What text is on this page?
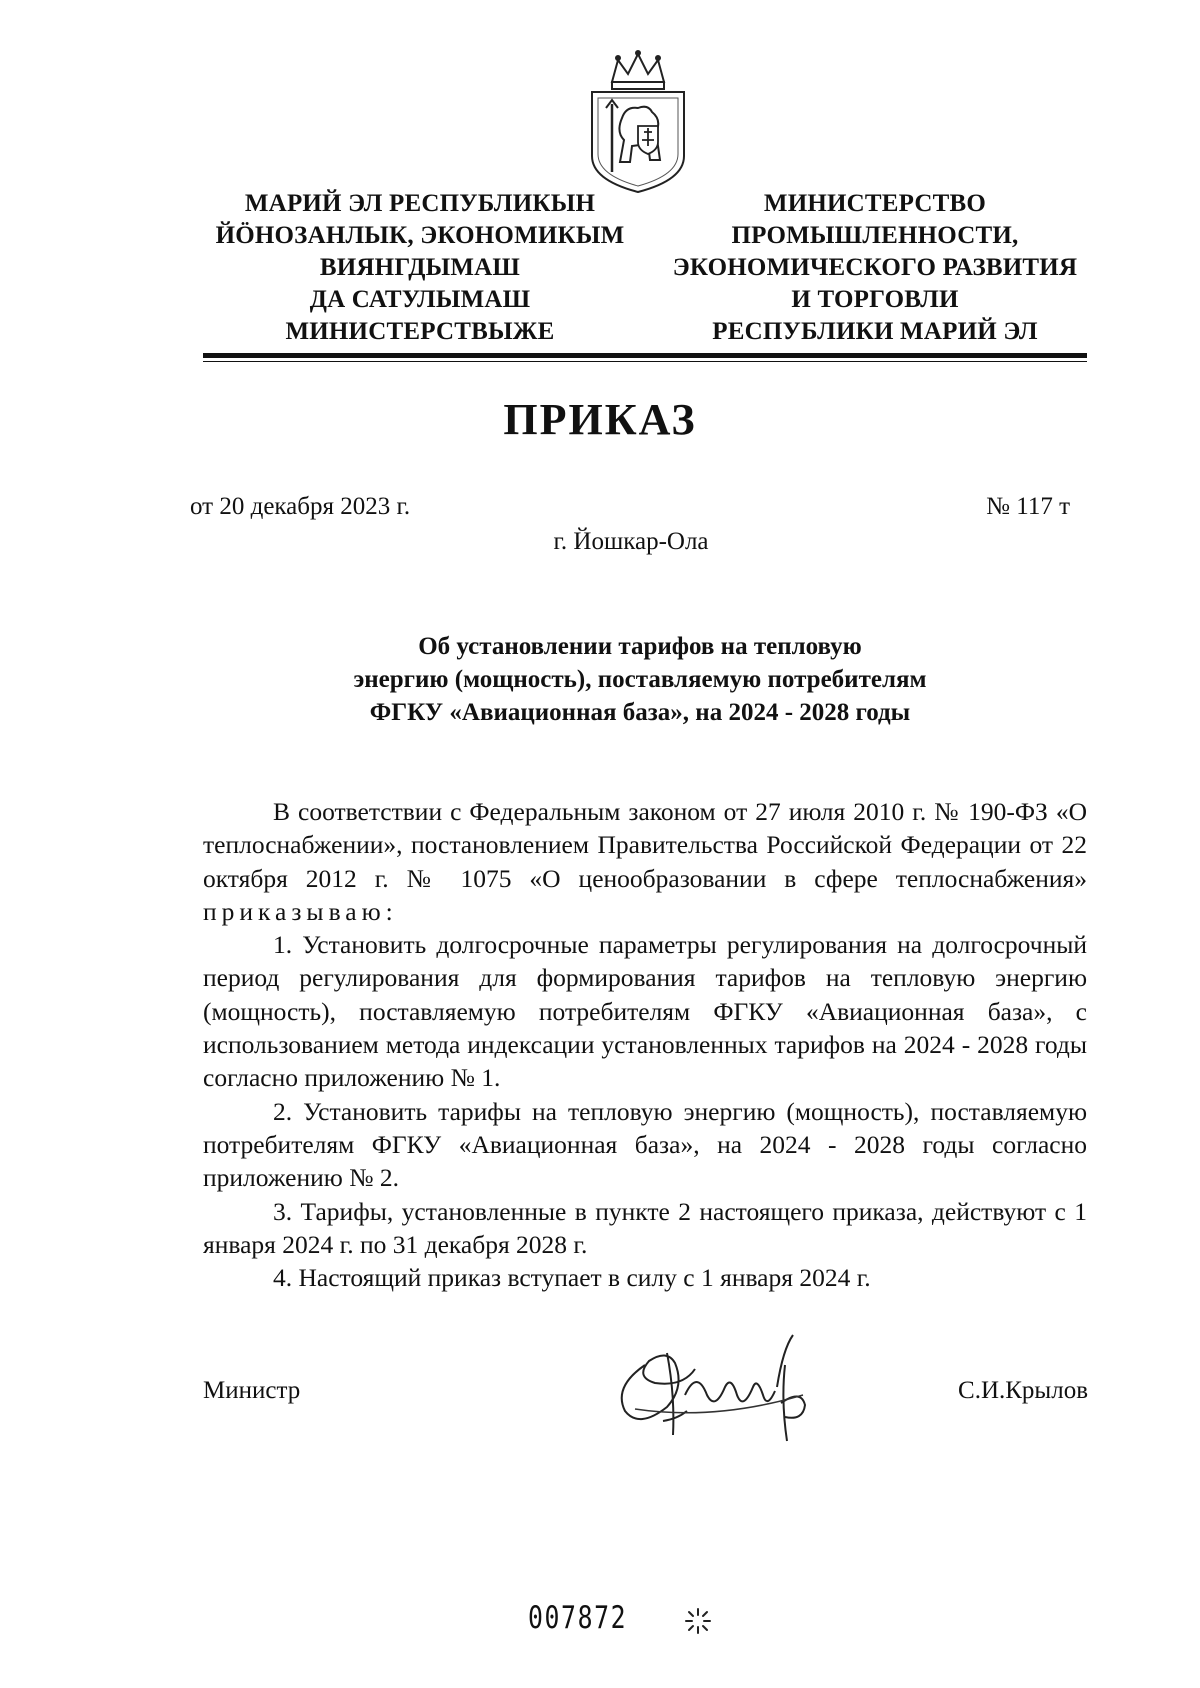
МАРИЙ ЭЛ РЕСПУБЛИКЫН
ЙÖНОЗАНЛЫК, ЭКОНОМИКЫМ
ВИЯНГДЫМАШ
ДА САТУЛЫМАШ
МИНИСТЕРСТВЫЖЕ
МИНИСТЕРСТВО
ПРОМЫШЛЕННОСТИ,
ЭКОНОМИЧЕСКОГО РАЗВИТИЯ
И ТОРГОВЛИ
РЕСПУБЛИКИ МАРИЙ ЭЛ
ПРИКАЗ
от 20 декабря 2023 г.	№ 117 т
г. Йошкар-Ола
Об установлении тарифов на тепловую
энергию (мощность), поставляемую потребителям
ФГКУ «Авиационная база», на 2024 - 2028 годы

В соответствии с Федеральным законом от 27 июля 2010 г. № 190-ФЗ «О теплоснабжении», постановлением Правительства Российской Федерации от 22 октября 2012 г. № 1075 «О ценообразовании в сфере теплоснабжения» приказываю:

1. Установить долгосрочные параметры регулирования на долгосрочный период регулирования для формирования тарифов на тепловую энергию (мощность), поставляемую потребителям ФГКУ «Авиационная база», с использованием метода индексации установленных тарифов на 2024 - 2028 годы согласно приложению № 1.

2. Установить тарифы на тепловую энергию (мощность), поставляемую потребителям ФГКУ «Авиационная база», на 2024 - 2028 годы согласно приложению № 2.

3. Тарифы, установленные в пункте 2 настоящего приказа, действуют с 1 января 2024 г. по 31 декабря 2028 г.

4. Настоящий приказ вступает в силу с 1 января 2024 г.

Министр	С.И.Крылов
007872
